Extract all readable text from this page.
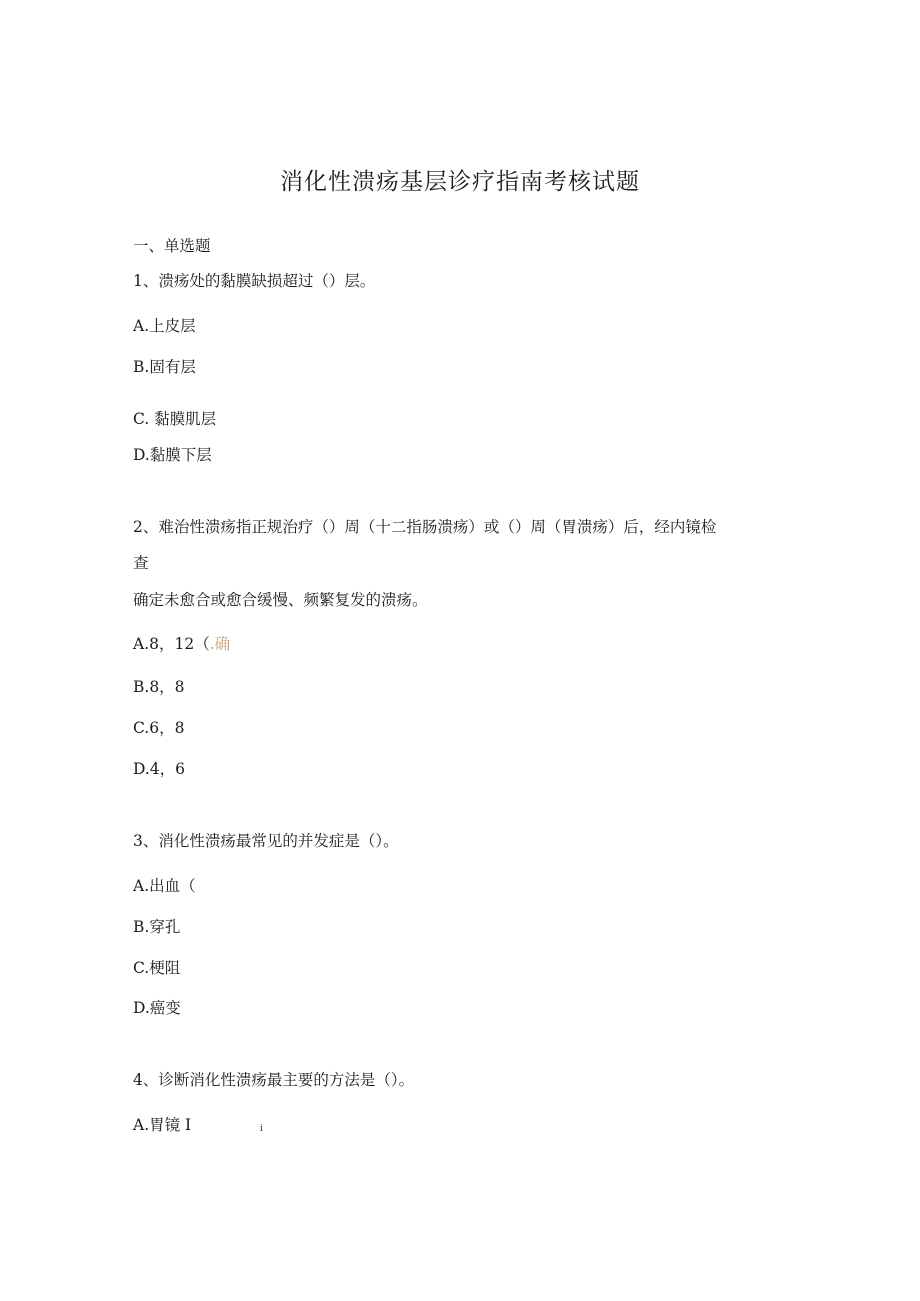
消化性溃疡基层诊疗指南考核试题
一、单选题
1、溃疡处的黏膜缺损超过（）层。
A.上皮层
B.固有层
C. 黏膜肌层
D.黏膜下层
2、难治性溃疡指正规治疗（）周（十二指肠溃疡）或（）周（胃溃疡）后，经内镜检
查
确定未愈合或愈合缓慢、频繁复发的溃疡。
A.8，12（.确
B.8，8
C.6，8
D.4，6
3、消化性溃疡最常见的并发症是（）。
A.出血（
B.穿孔
C.梗阻
D.癌变
4、诊断消化性溃疡最主要的方法是（）。
A.胃镜 I	i
